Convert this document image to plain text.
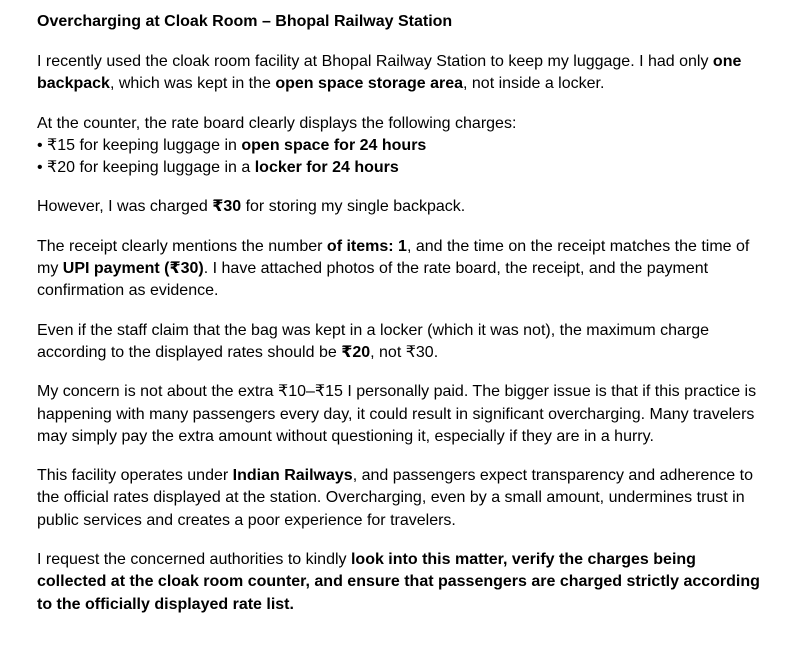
Overcharging at Cloak Room – Bhopal Railway Station

I recently used the cloak room facility at Bhopal Railway Station to keep my luggage. I had only one backpack, which was kept in the open space storage area, not inside a locker.

At the counter, the rate board clearly displays the following charges:
• ₹15 for keeping luggage in open space for 24 hours
• ₹20 for keeping luggage in a locker for 24 hours

However, I was charged ₹30 for storing my single backpack.

The receipt clearly mentions the number of items: 1, and the time on the receipt matches the time of my UPI payment (₹30). I have attached photos of the rate board, the receipt, and the payment confirmation as evidence.

Even if the staff claim that the bag was kept in a locker (which it was not), the maximum charge according to the displayed rates should be ₹20, not ₹30.

My concern is not about the extra ₹10–₹15 I personally paid. The bigger issue is that if this practice is happening with many passengers every day, it could result in significant overcharging. Many travelers may simply pay the extra amount without questioning it, especially if they are in a hurry.

This facility operates under Indian Railways, and passengers expect transparency and adherence to the official rates displayed at the station. Overcharging, even by a small amount, undermines trust in public services and creates a poor experience for travelers.

I request the concerned authorities to kindly look into this matter, verify the charges being collected at the cloak room counter, and ensure that passengers are charged strictly according to the officially displayed rate list.
